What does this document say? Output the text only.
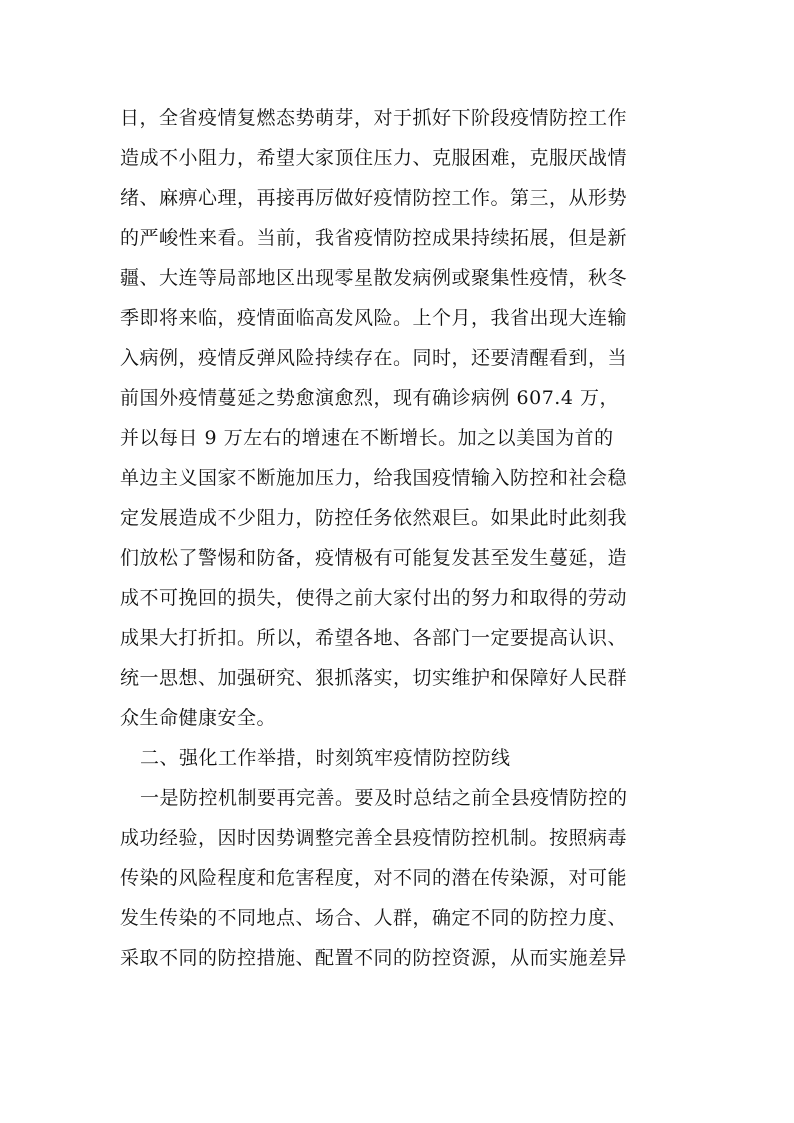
日，全省疫情复燃态势萌芽，对于抓好下阶段疫情防控工作
造成不小阻力，希望大家顶住压力、克服困难，克服厌战情
绪、麻痹心理，再接再厉做好疫情防控工作。第三，从形势
的严峻性来看。当前，我省疫情防控成果持续拓展，但是新
疆、大连等局部地区出现零星散发病例或聚集性疫情，秋冬
季即将来临，疫情面临高发风险。上个月，我省出现大连输
入病例，疫情反弹风险持续存在。同时，还要清醒看到，当
前国外疫情蔓延之势愈演愈烈，现有确诊病例 607.4 万，
并以每日 9 万左右的增速在不断增长。加之以美国为首的
单边主义国家不断施加压力，给我国疫情输入防控和社会稳
定发展造成不少阻力，防控任务依然艰巨。如果此时此刻我
们放松了警惕和防备，疫情极有可能复发甚至发生蔓延，造
成不可挽回的损失，使得之前大家付出的努力和取得的劳动
成果大打折扣。所以，希望各地、各部门一定要提高认识、
统一思想、加强研究、狠抓落实，切实维护和保障好人民群
众生命健康安全。
二、强化工作举措，时刻筑牢疫情防控防线
一是防控机制要再完善。要及时总结之前全县疫情防控的
成功经验，因时因势调整完善全县疫情防控机制。按照病毒
传染的风险程度和危害程度，对不同的潜在传染源，对可能
发生传染的不同地点、场合、人群，确定不同的防控力度、
采取不同的防控措施、配置不同的防控资源，从而实施差异
